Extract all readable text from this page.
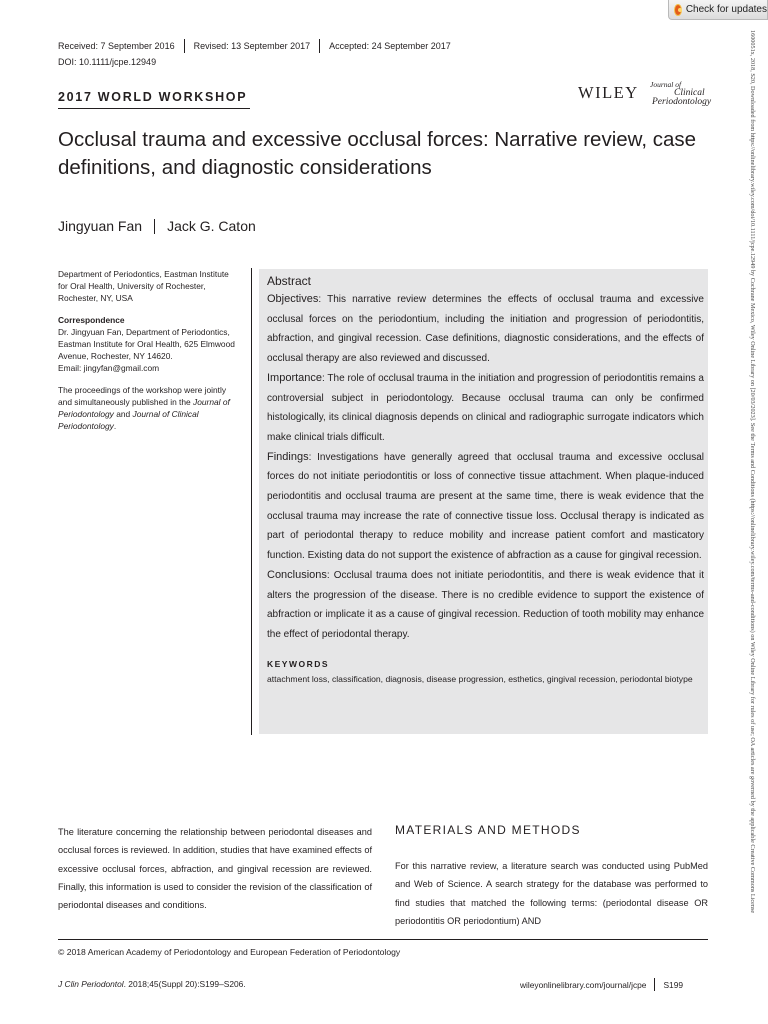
Check for updates
1600051x, 2018, S20, Downloaded from https://onlinelibrary.wiley.com/doi/10.1111/jcpe.12949 by Cochrane Mexico, Wiley Online Library on [20/03/2023]. See the Terms and Conditions (https://onlinelibrary.wiley.com/terms-and-conditions) on Wiley Online Library for rules of use; OA articles are governed by the applicable Creative Commons License
Received: 7 September 2016 Revised: 13 September 2017 Accepted: 24 September 2017
DOI: 10.1111/jcpe.12949
2017 WORLD WORKSHOP	WILEY Journal of
Clinical
Periodontology
Occlusal trauma and excessive occlusal forces: Narrative review, case definitions, and diagnostic considerations
Jingyuan Fan Jack G. Caton
Department of Periodontics, Eastman Institute for Oral Health, University of Rochester, Rochester, NY, USA
Correspondence
Dr. Jingyuan Fan, Department of Periodontics, Eastman Institute for Oral Health, 625 Elmwood Avenue, Rochester, NY 14620.
Email: jingyfan@gmail.com
The proceedings of the workshop were jointly and simultaneously published in the Journal of Periodontology and Journal of Clinical Periodontology.
Abstract

Objectives: This narrative review determines the effects of occlusal trauma and excessive occlusal forces on the periodontium, including the initiation and progression of periodontitis, abfraction, and gingival recession. Case definitions, diagnostic considerations, and the effects of occlusal therapy are also reviewed and discussed.

Importance: The role of occlusal trauma in the initiation and progression of periodontitis remains a controversial subject in periodontology. Because occlusal trauma can only be confirmed histologically, its clinical diagnosis depends on clinical and radiographic surrogate indicators which make clinical trials difficult.

Findings: Investigations have generally agreed that occlusal trauma and excessive occlusal forces do not initiate periodontitis or loss of connective tissue attachment. When plaque-induced periodontitis and occlusal trauma are present at the same time, there is weak evidence that the occlusal trauma may increase the rate of connective tissue loss. Occlusal therapy is indicated as part of periodontal therapy to reduce mobility and increase patient comfort and masticatory function. Existing data do not support the existence of abfraction as a cause for gingival recession.

Conclusions: Occlusal trauma does not initiate periodontitis, and there is weak evidence that it alters the progression of the disease. There is no credible evidence to support the existence of abfraction or implicate it as a cause of gingival recession. Reduction of tooth mobility may enhance the effect of periodontal therapy.

KEYWORDS
attachment loss, classification, diagnosis, disease progression, esthetics, gingival recession, periodontal biotype

The literature concerning the relationship between periodontal diseases and occlusal forces is reviewed. In addition, studies that have examined effects of excessive occlusal forces, abfraction, and gingival recession are reviewed. Finally, this information is used to consider the revision of the classification of periodontal diseases and conditions.

MATERIALS AND METHODS

For this narrative review, a literature search was conducted using PubMed and Web of Science. A search strategy for the database was performed to find studies that matched the following terms: (periodontal disease OR periodontitis OR periodontium) AND

© 2018 American Academy of Periodontology and European Federation of Periodontology
J Clin Periodontol. 2018;45(Suppl 20):S199–S206.	wileyonlinelibrary.com/journal/jcpe S199
